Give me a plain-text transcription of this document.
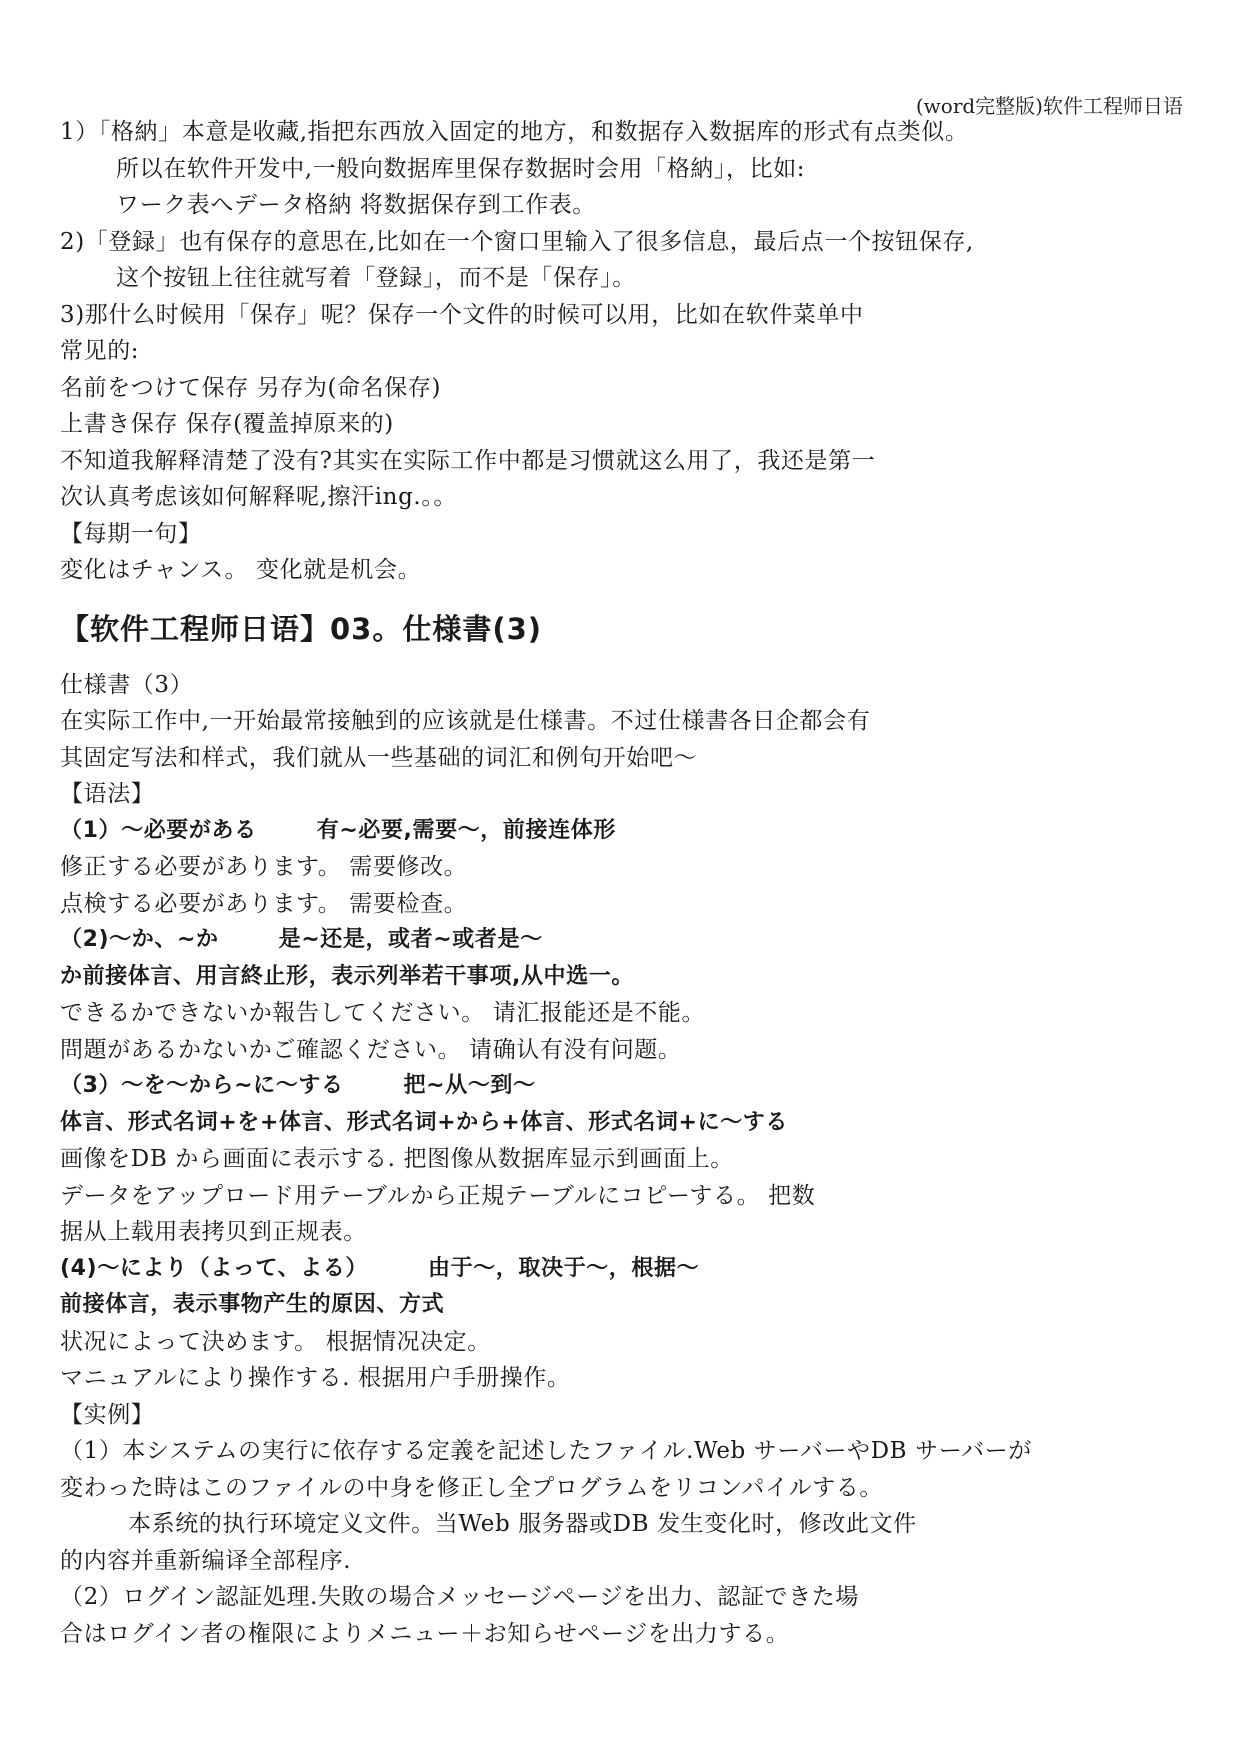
(word完整版)软件工程师日语
1）「格納」本意是收藏,指把东西放入固定的地方，和数据存入数据库的形式有点类似。
所以在软件开发中,一般向数据库里保存数据时会用「格納」，比如:
ワーク表へデータ格納 将数据保存到工作表。
2)「登録」也有保存的意思在,比如在一个窗口里输入了很多信息，最后点一个按钮保存,
这个按钮上往往就写着「登録」，而不是「保存」。
3)那什么时候用「保存」呢？保存一个文件的时候可以用，比如在软件菜单中
常见的:
名前をつけて保存 另存为(命名保存)
上書き保存 保存(覆盖掉原来的)
不知道我解释清楚了没有?其实在实际工作中都是习惯就这么用了，我还是第一
次认真考虑该如何解释呢,擦汗ing.。。
【每期一句】
変化はチャンス。 变化就是机会。
【软件工程师日语】03。仕様書(3)
仕様書（3）
在实际工作中,一开始最常接触到的应该就是仕様書。不过仕様書各日企都会有
其固定写法和样式，我们就从一些基础的词汇和例句开始吧～
【语法】
（1）～必要がある	有~必要,需要～，前接连体形
修正する必要があります。 需要修改。
点検する必要があります。 需要检查。
（2)～か、~か	是~还是，或者~或者是～
か前接体言、用言終止形，表示列举若干事项,从中选一。
できるかできないか報告してください。 请汇报能还是不能。
問題があるかないかご確認ください。 请确认有没有问题。
（3）～を～から~に～する	把~从～到～
体言、形式名词+を+体言、形式名词+から+体言、形式名词+に～する
画像をDB から画面に表示する. 把图像从数据库显示到画面上。
データをアップロード用テーブルから正規テーブルにコピーする。 把数
据从上载用表拷贝到正规表。
(4)～により（よって、よる）	由于～，取决于～，根据～
前接体言，表示事物产生的原因、方式
状况によって決めます。 根据情况决定。
マニュアルにより操作する. 根据用户手册操作。
【实例】
（1）本システムの実行に依存する定義を記述したファイル.Web サーバーやDB サーバーが
変わった時はこのファイルの中身を修正し全プログラムをリコンパイルする。
本系统的执行环境定义文件。当Web 服务器或DB 发生变化时，修改此文件
的内容并重新编译全部程序.
（2）ログイン認証処理.失敗の場合メッセージページを出力、認証できた場
合はログイン者の権限によりメニュー＋お知らせページを出力する。
